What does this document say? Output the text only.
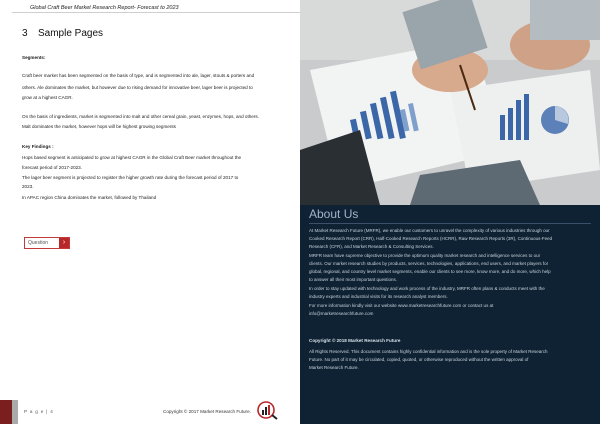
Global Craft Beer Market Research Report- Forecast to 2023
3 Sample Pages
Segments:
Craft beer market has been segmented on the basis of type, and is segmented into ale, lager, stouts & porters and
others. Ale dominates the market, but however due to rising demand for innovative beer, lager beer is projected to
grow at a highest CAGR.
On the basis of ingredients, market is segmented into malt and other cereal grain, yeast, enzymes, hops, and others.
Malt dominates the market, however hops will be highest growing segments
Key Findings :
Hops based segment is anticipated to grow at highest CAGR in the Global Craft Beer market throughout the
forecast period of 2017-2023.
The lager beer segment is projected to register the higher growth rate during the forecast period of 2017 to
2023.
In APAC region China dominates the market, followed by Thailand
Question	›
P a g e | 4	Copyright © 2017 Market Research Future.
About Us
At Market Research Future (MRFR), we enable our customers to unravel the complexity of various industries through our
Cooked Research Report (CRR), Half-Cooked Research Reports (HCRR), Raw Research Reports (3R), Continuous-Feed
Research (CFR), and Market Research & Consulting Services.
MRFR team have supreme objective to provide the optimum quality market research and intelligence services to our
clients. Our market research studies by products, services, technologies, applications, end users, and market players for
global, regional, and country level market segments, enable our clients to see more, know more, and do more, which help
to answer all their most important questions.
In order to stay updated with technology and work process of the industry, MRFR often plans & conducts meet with the
industry experts and industrial visits for its research analyst members.
For more information kindly visit our website www.marketresearchfuture.com or contact us at
info@marketresearchfuture.com
Copyright © 2018 Market Research Future
All Rights Reserved. This document contains highly confidential information and is the sole property of Market Research
Future. No part of it may be circulated, copied, quoted, or otherwise reproduced without the written approval of
Market Research Future.
